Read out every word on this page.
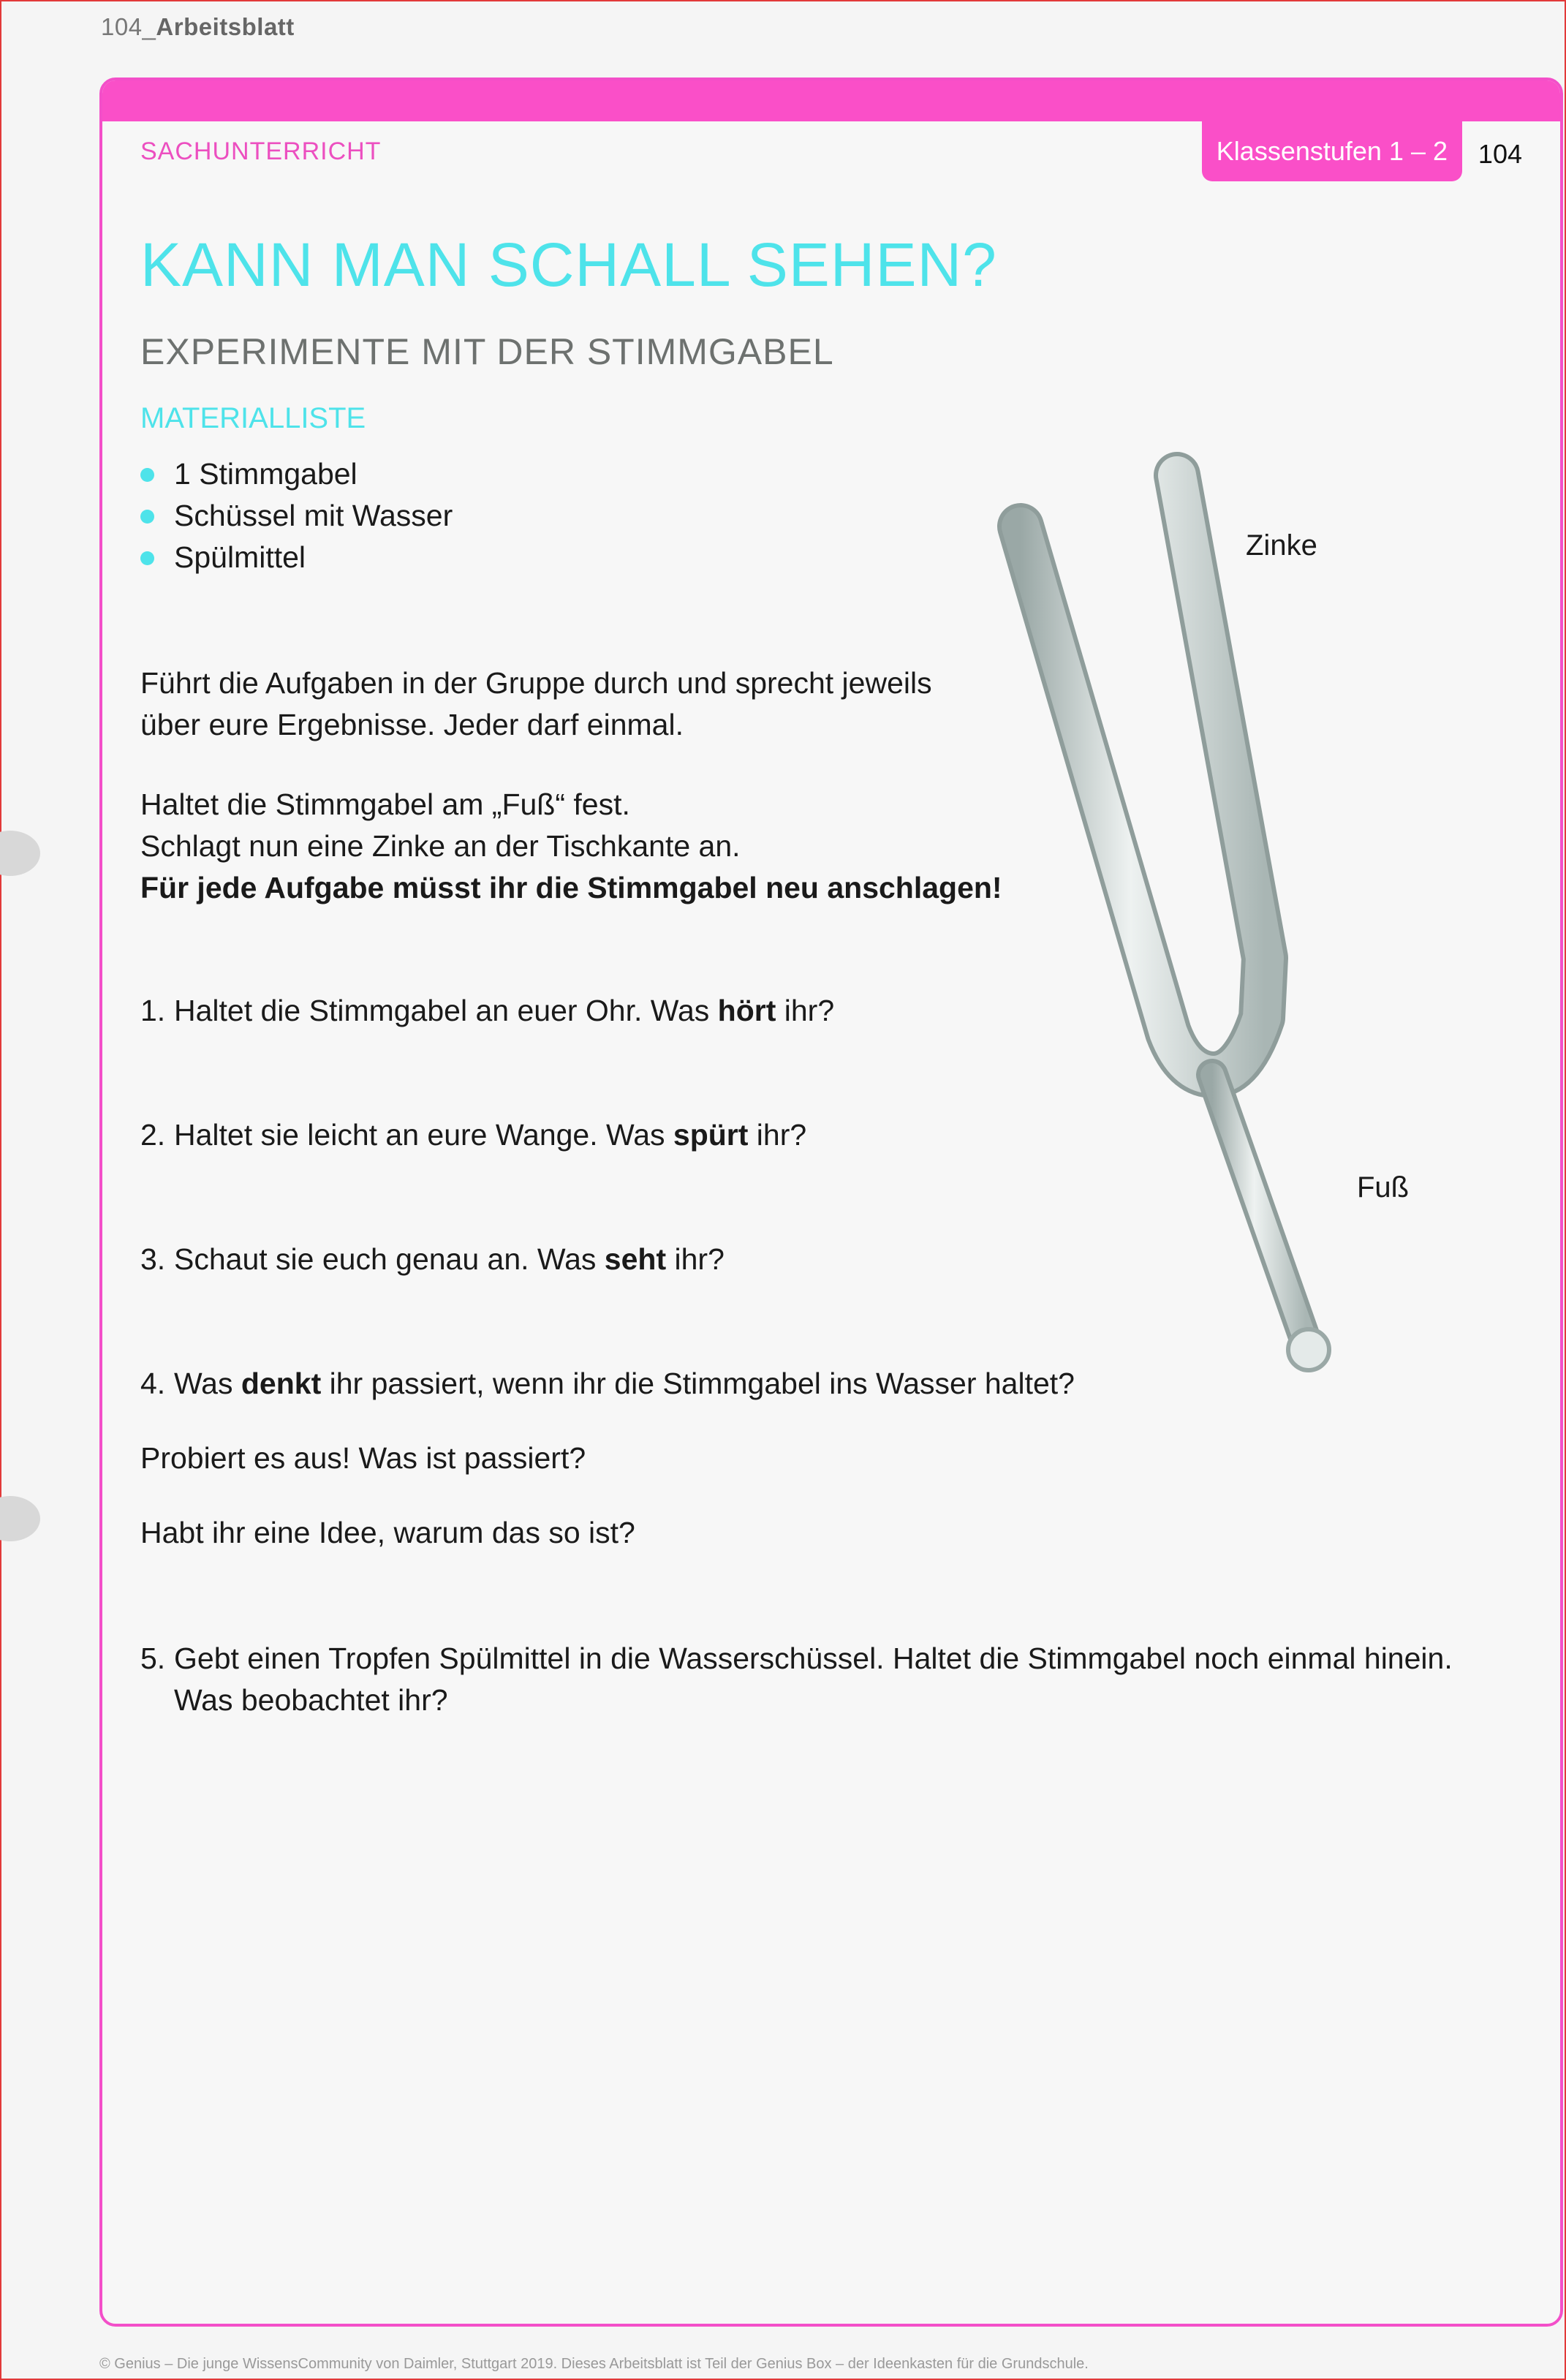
104_Arbeitsblatt
SACHUNTERRICHT	Klassenstufen 1 – 2	104
KANN MAN SCHALL SEHEN?
EXPERIMENTE MIT DER STIMMGABEL
MATERIALLISTE
1 Stimmgabel
Schüssel mit Wasser
Spülmittel
Führt die Aufgaben in der Gruppe durch und sprecht jeweils
über eure Ergebnisse. Jeder darf einmal.
Haltet die Stimmgabel am „Fuß“ fest.
Schlagt nun eine Zinke an der Tischkante an.
Für jede Aufgabe müsst ihr die Stimmgabel neu anschlagen!
1. Haltet die Stimmgabel an euer Ohr. Was hört ihr?
2. Haltet sie leicht an eure Wange. Was spürt ihr?
3. Schaut sie euch genau an. Was seht ihr?
4. Was denkt ihr passiert, wenn ihr die Stimmgabel ins Wasser haltet?
Probiert es aus! Was ist passiert?
Habt ihr eine Idee, warum das so ist?
5. Gebt einen Tropfen Spülmittel in die Wasserschüssel. Haltet die Stimmgabel noch einmal hinein.
Was beobachtet ihr?
Zinke
Fuß
© Genius – Die junge WissensCommunity von Daimler, Stuttgart 2019. Dieses Arbeitsblatt ist Teil der Genius Box – der Ideenkasten für die Grundschule.
